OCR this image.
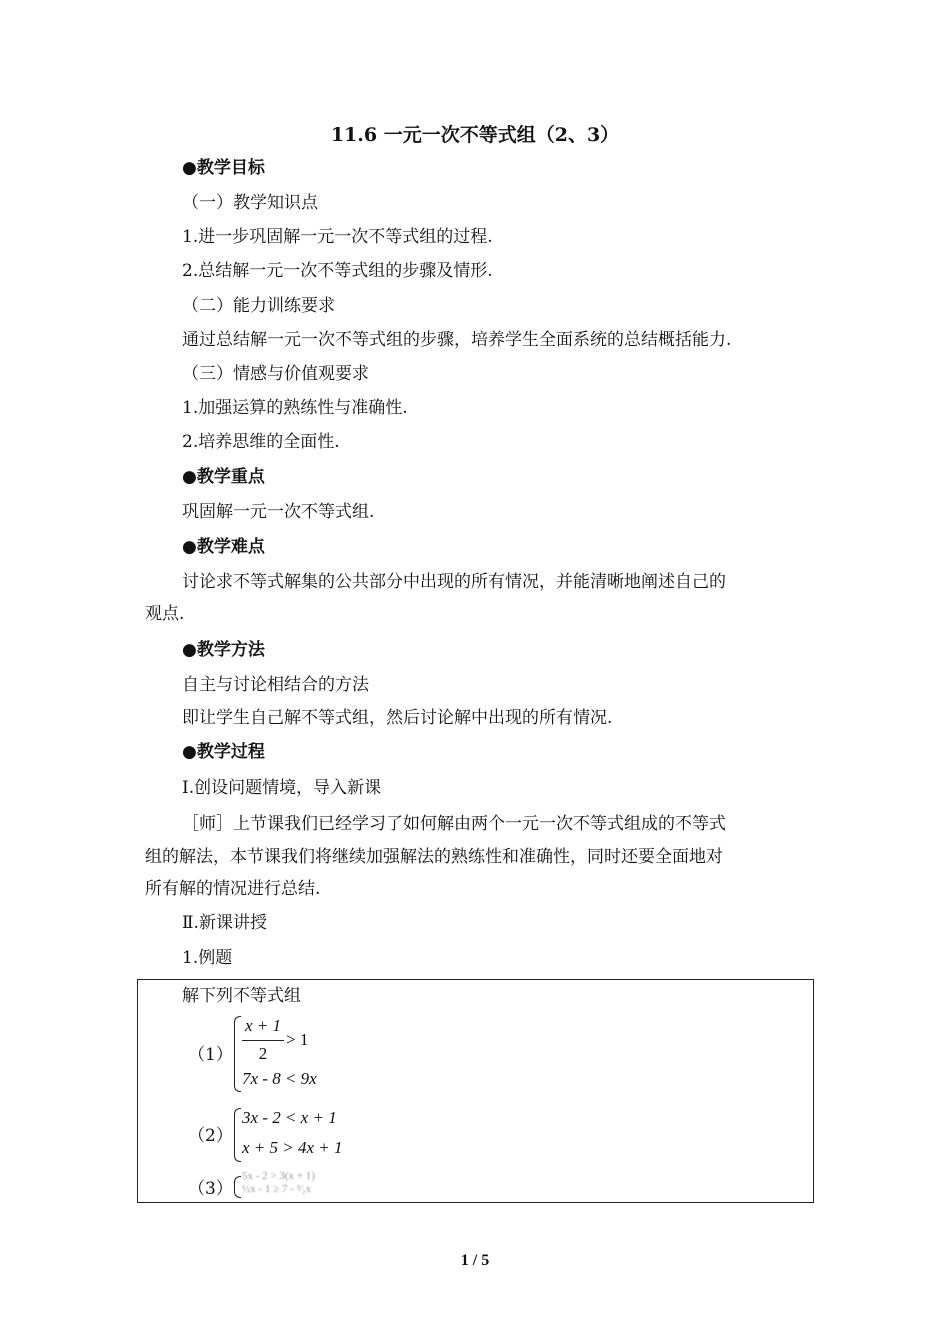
11.6 一元一次不等式组（2、3）
●教学目标
（一）教学知识点
1.进一步巩固解一元一次不等式组的过程.
2.总结解一元一次不等式组的步骤及情形.
（二）能力训练要求
通过总结解一元一次不等式组的步骤，培养学生全面系统的总结概括能力.
（三）情感与价值观要求
1.加强运算的熟练性与准确性.
2.培养思维的全面性.
●教学重点
巩固解一元一次不等式组.
●教学难点
讨论求不等式解集的公共部分中出现的所有情况，并能清晰地阐述自己的
观点.
●教学方法
自主与讨论相结合的方法
即让学生自己解不等式组，然后讨论解中出现的所有情况.
●教学过程
Ⅰ.创设问题情境，导入新课
［师］上节课我们已经学习了如何解由两个一元一次不等式组成的不等式
组的解法，本节课我们将继续加强解法的熟练性和准确性，同时还要全面地对
所有解的情况进行总结.
Ⅱ.新课讲授
1.例题
解下列不等式组
（1）
x + 1
2
> 1
7x - 8 < 9x
（2）
3x - 2 < x + 1
x + 5 > 4x + 1
（3）
5x - 2 > 3(x + 1)
½x - 1 ≥ 7 - ³⁄₂x
1 / 5
